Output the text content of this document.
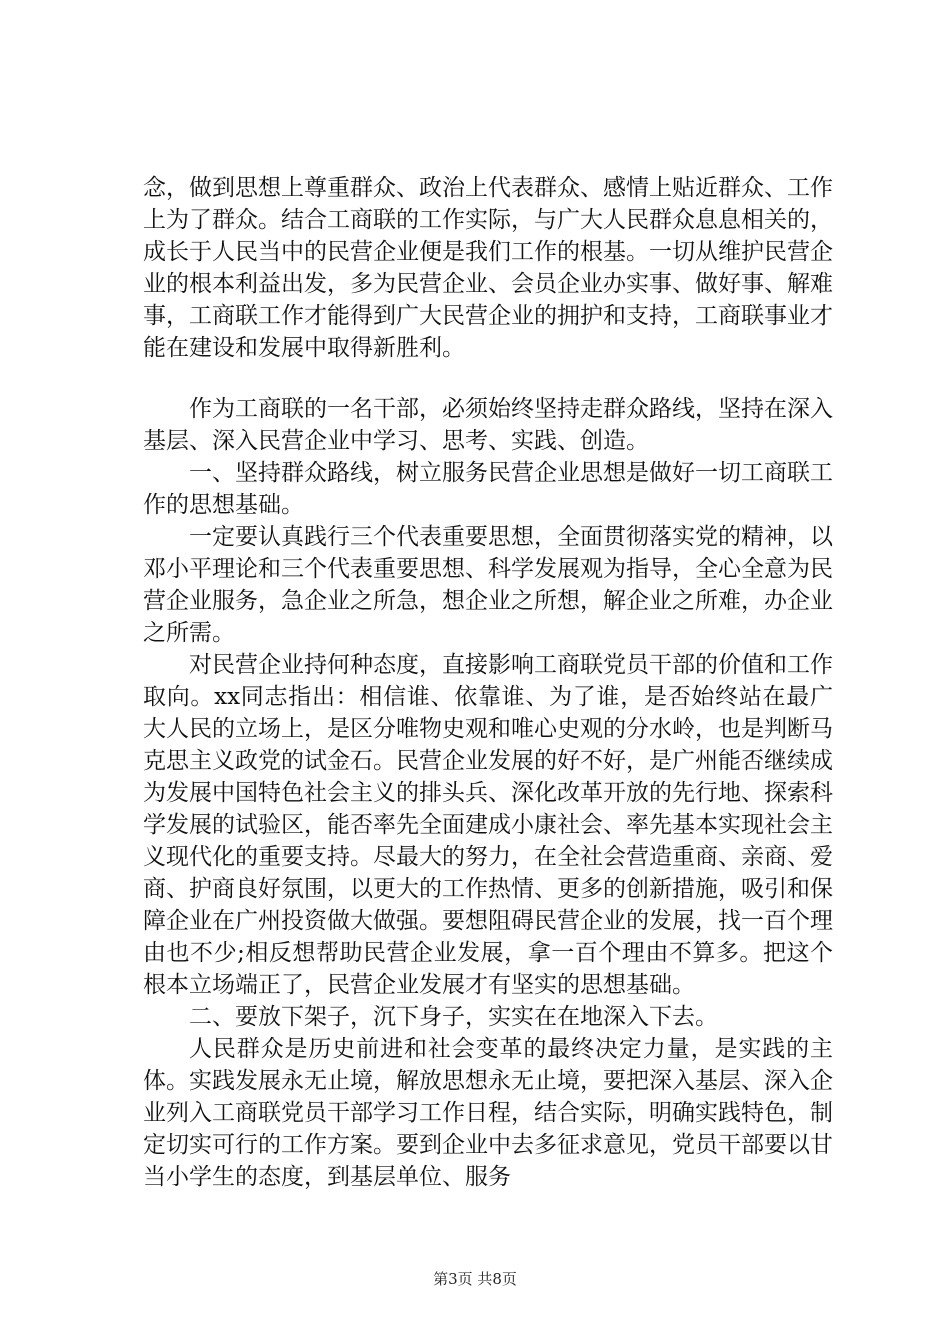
念，做到思想上尊重群众、政治上代表群众、感情上贴近群众、工作上为了群众。结合工商联的工作实际，与广大人民群众息息相关的，成长于人民当中的民营企业便是我们工作的根基。一切从维护民营企业的根本利益出发，多为民营企业、会员企业办实事、做好事、解难事，工商联工作才能得到广大民营企业的拥护和支持，工商联事业才能在建设和发展中取得新胜利。

作为工商联的一名干部，必须始终坚持走群众路线，坚持在深入基层、深入民营企业中学习、思考、实践、创造。

一、坚持群众路线，树立服务民营企业思想是做好一切工商联工作的思想基础。

一定要认真践行三个代表重要思想，全面贯彻落实党的精神，以邓小平理论和三个代表重要思想、科学发展观为指导，全心全意为民营企业服务，急企业之所急，想企业之所想，解企业之所难，办企业之所需。

对民营企业持何种态度，直接影响工商联党员干部的价值和工作取向。xx同志指出：相信谁、依靠谁、为了谁，是否始终站在最广大人民的立场上，是区分唯物史观和唯心史观的分水岭，也是判断马克思主义政党的试金石。民营企业发展的好不好，是广州能否继续成为发展中国特色社会主义的排头兵、深化改革开放的先行地、探索科学发展的试验区，能否率先全面建成小康社会、率先基本实现社会主义现代化的重要支持。尽最大的努力，在全社会营造重商、亲商、爱商、护商良好氛围，以更大的工作热情、更多的创新措施，吸引和保障企业在广州投资做大做强。要想阻碍民营企业的发展，找一百个理由也不少;相反想帮助民营企业发展，拿一百个理由不算多。把这个根本立场端正了，民营企业发展才有坚实的思想基础。

二、要放下架子，沉下身子，实实在在地深入下去。

人民群众是历史前进和社会变革的最终决定力量，是实践的主体。实践发展永无止境，解放思想永无止境，要把深入基层、深入企业列入工商联党员干部学习工作日程，结合实际，明确实践特色，制定切实可行的工作方案。要到企业中去多征求意见，党员干部要以甘当小学生的态度，到基层单位、服务

第3页 共8页
